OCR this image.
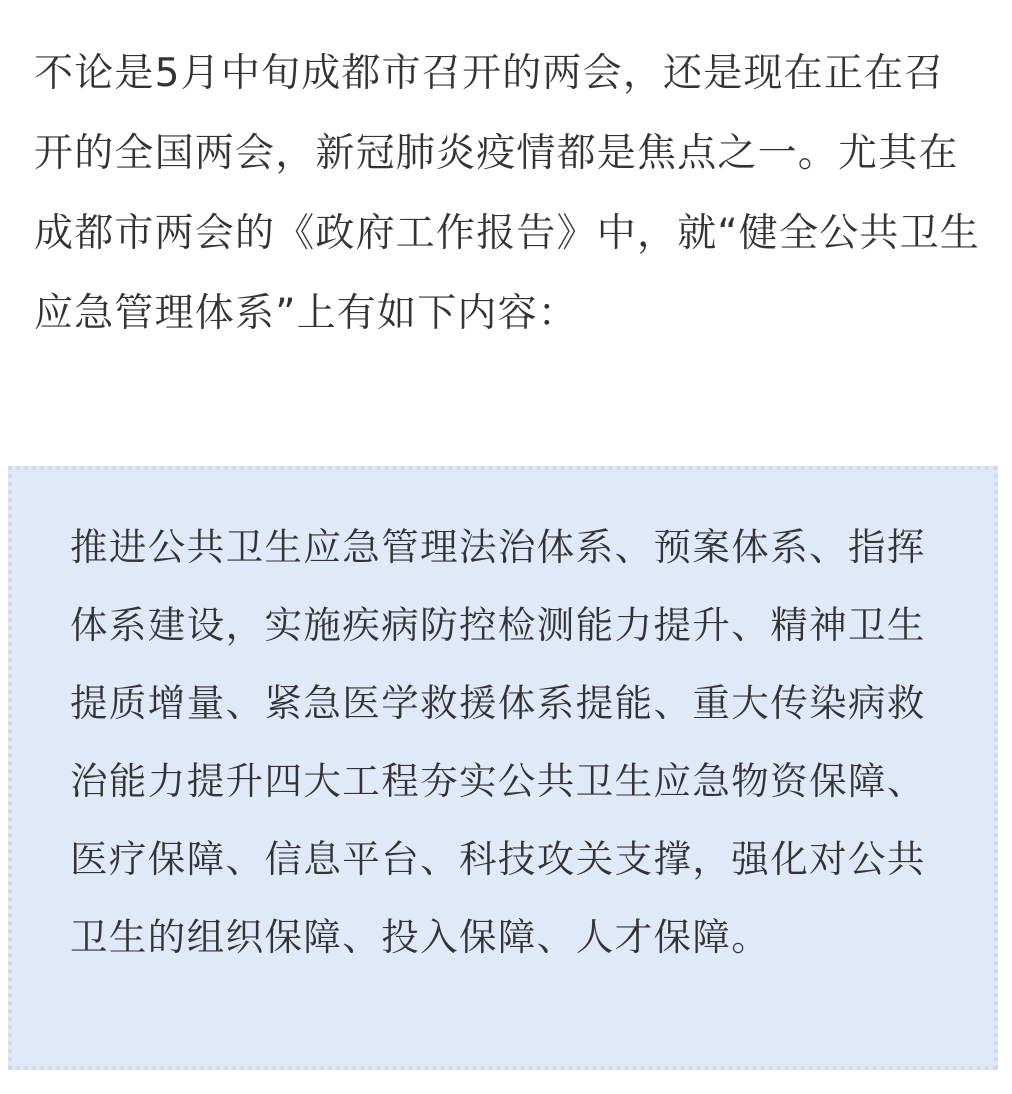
不论是5月中旬成都市召开的两会，还是现在正在召开的全国两会，新冠肺炎疫情都是焦点之一。尤其在成都市两会的《政府工作报告》中，就“健全公共卫生应急管理体系”上有如下内容：

推进公共卫生应急管理法治体系、预案体系、指挥体系建设，实施疾病防控检测能力提升、精神卫生提质增量、紧急医学救援体系提能、重大传染病救治能力提升四大工程夯实公共卫生应急物资保障、医疗保障、信息平台、科技攻关支撑，强化对公共卫生的组织保障、投入保障、人才保障。
